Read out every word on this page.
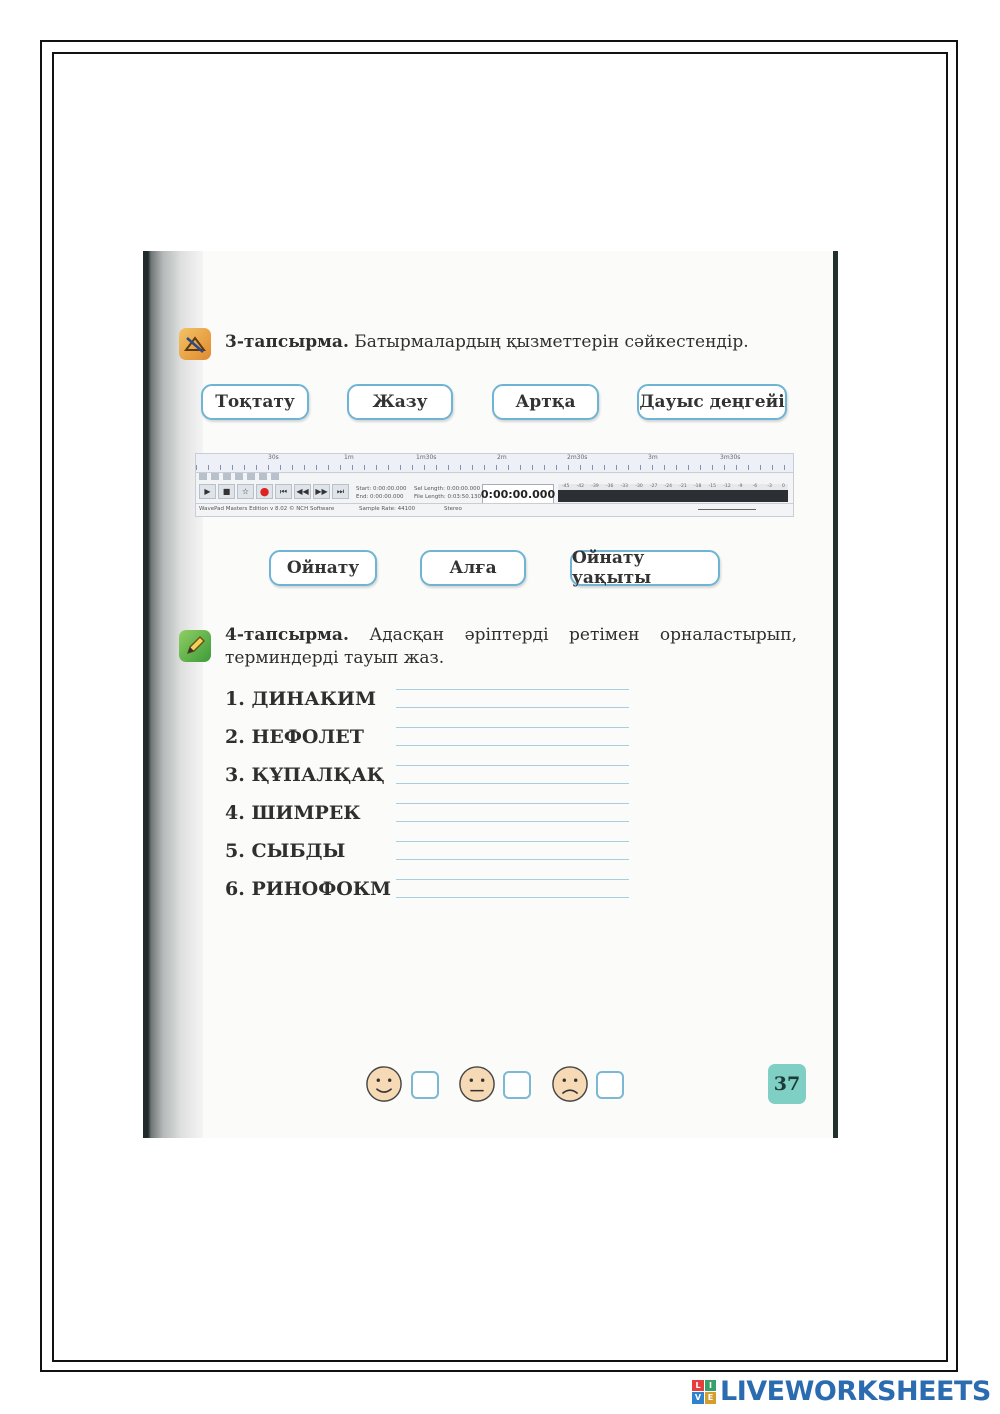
3-тапсырма. Батырмалардың қызметтерін сәйкестендір.
Тоқтату	Жазу	Артқа	Дауыс деңгейі
30s	1m	1m30s	2m	2m30s	3m	3m30s
▶	■	☆ ●	⏮	◀◀ ▶▶	⏭	Start: 0:00:00.000
End: 0:00:00.000
Sel Length: 0:00:00.000
File Length: 0:03:50.130 0:00:00.000
-45 -42 -39 -36 -33 -30 -27 -24 -21 -18 -15 -12 -9 -6 -3 0
WavePad Masters Edition v 8.02 © NCH Software	Sample Rate: 44100	Stereo
Ойнату	Алға	Ойнату уақыты
4-тапсырма. Адасқан әріптерді ретімен орналастырып, терминдерді тауып жаз.
1. ДИНАКИМ
2. НЕФОЛЕТ
3. ҚҰПАЛҚАҚ
4. ШИМРЕК
5. СЫБДЫ
6. РИНОФОКМ
37
L	I
V E LIVEWORKSHEETS
